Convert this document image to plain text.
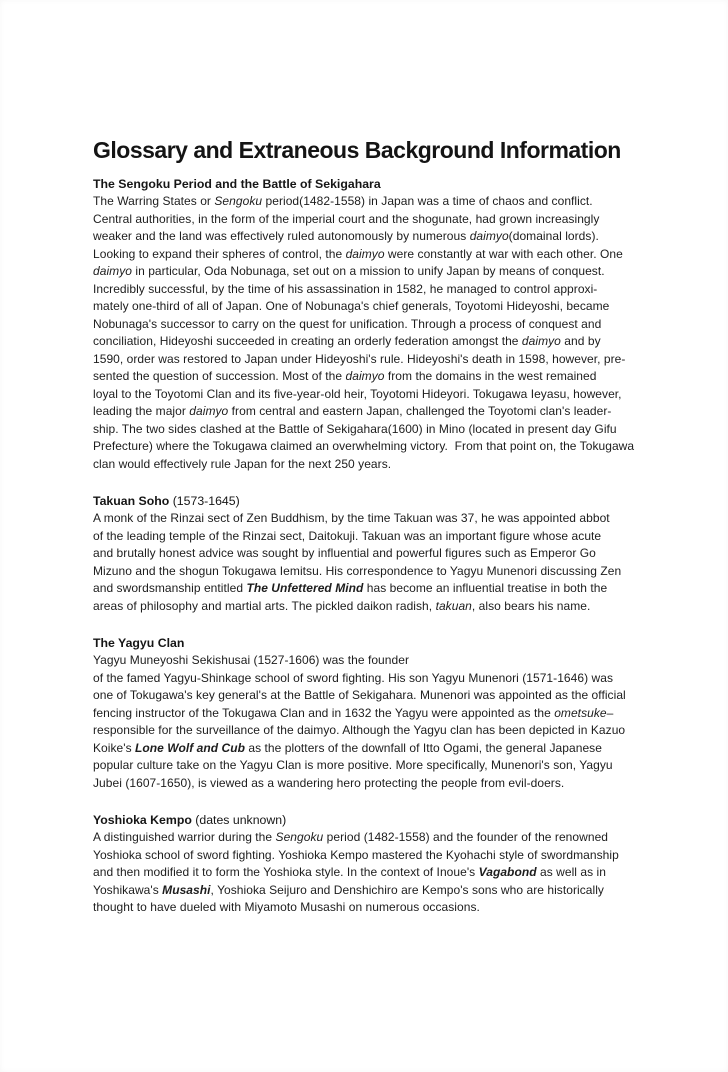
Glossary and Extraneous Background Information
The Sengoku Period and the Battle of Sekigahara
The Warring States or Sengoku period(1482-1558) in Japan was a time of chaos and conflict.
Central authorities, in the form of the imperial court and the shogunate, had grown increasingly
weaker and the land was effectively ruled autonomously by numerous daimyo(domainal lords).
Looking to expand their spheres of control, the daimyo were constantly at war with each other. One
daimyo in particular, Oda Nobunaga, set out on a mission to unify Japan by means of conquest.
Incredibly successful, by the time of his assassination in 1582, he managed to control approxi-
mately one-third of all of Japan. One of Nobunaga's chief generals, Toyotomi Hideyoshi, became
Nobunaga's successor to carry on the quest for unification. Through a process of conquest and
conciliation, Hideyoshi succeeded in creating an orderly federation amongst the daimyo and by
1590, order was restored to Japan under Hideyoshi's rule. Hideyoshi's death in 1598, however, pre-
sented the question of succession. Most of the daimyo from the domains in the west remained
loyal to the Toyotomi Clan and its five-year-old heir, Toyotomi Hideyori. Tokugawa Ieyasu, however,
leading the major daimyo from central and eastern Japan, challenged the Toyotomi clan's leader-
ship. The two sides clashed at the Battle of Sekigahara(1600) in Mino (located in present day Gifu
Prefecture) where the Tokugawa claimed an overwhelming victory.  From that point on, the Tokugawa
clan would effectively rule Japan for the next 250 years.
Takuan Soho (1573-1645)
A monk of the Rinzai sect of Zen Buddhism, by the time Takuan was 37, he was appointed abbot
of the leading temple of the Rinzai sect, Daitokuji. Takuan was an important figure whose acute
and brutally honest advice was sought by influential and powerful figures such as Emperor Go
Mizuno and the shogun Tokugawa Iemitsu. His correspondence to Yagyu Munenori discussing Zen
and swordsmanship entitled The Unfettered Mind has become an influential treatise in both the
areas of philosophy and martial arts. The pickled daikon radish, takuan, also bears his name.
The Yagyu Clan
Yagyu Muneyoshi Sekishusai (1527-1606) was the founder
of the famed Yagyu-Shinkage school of sword fighting. His son Yagyu Munenori (1571-1646) was
one of Tokugawa's key general's at the Battle of Sekigahara. Munenori was appointed as the official
fencing instructor of the Tokugawa Clan and in 1632 the Yagyu were appointed as the ometsuke–
responsible for the surveillance of the daimyo. Although the Yagyu clan has been depicted in Kazuo
Koike's Lone Wolf and Cub as the plotters of the downfall of Itto Ogami, the general Japanese
popular culture take on the Yagyu Clan is more positive. More specifically, Munenori's son, Yagyu
Jubei (1607-1650), is viewed as a wandering hero protecting the people from evil-doers.
Yoshioka Kempo (dates unknown)
A distinguished warrior during the Sengoku period (1482-1558) and the founder of the renowned
Yoshioka school of sword fighting. Yoshioka Kempo mastered the Kyohachi style of swordmanship
and then modified it to form the Yoshioka style. In the context of Inoue's Vagabond as well as in
Yoshikawa's Musashi, Yoshioka Seijuro and Denshichiro are Kempo's sons who are historically
thought to have dueled with Miyamoto Musashi on numerous occasions.
